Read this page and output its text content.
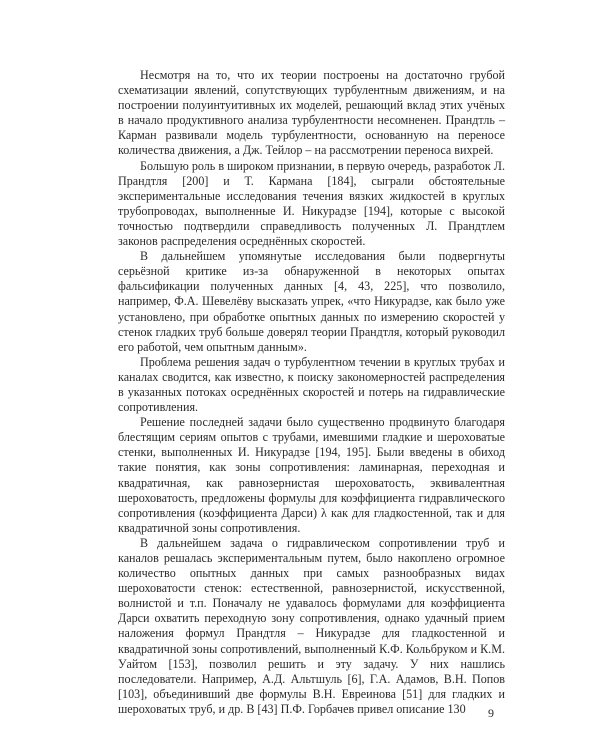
Несмотря на то, что их теории построены на достаточно грубой схематизации явлений, сопутствующих турбулентным движениям, и на построении полуинтуитивных их моделей, решающий вклад этих учёных в начало продуктивного анализа турбулентности несомненен. Прандтль – Карман развивали модель турбулентности, основанную на переносе количества движения, а Дж. Тейлор – на рассмотрении переноса вихрей.

Большую роль в широком признании, в первую очередь, разработок Л. Прандтля [200] и Т. Кармана [184], сыграли обстоятельные экспериментальные исследования течения вязких жидкостей в круглых трубопроводах, выполненные И. Никурадзе [194], которые с высокой точностью подтвердили справедливость полученных Л. Прандтлем законов распределения осреднённых скоростей.

В дальнейшем упомянутые исследования были подвергнуты серьёзной критике из-за обнаруженной в некоторых опытах фальсификации полученных данных [4, 43, 225], что позволило, например, Ф.А. Шевелёву высказать упрек, «что Никурадзе, как было уже установлено, при обработке опытных данных по измерению скоростей у стенок гладких труб больше доверял теории Прандтля, который руководил его работой, чем опытным данным».

Проблема решения задач о турбулентном течении в круглых трубах и каналах сводится, как известно, к поиску закономерностей распределения в указанных потоках осреднённых скоростей и потерь на гидравлические сопротивления.

Решение последней задачи было существенно продвинуто благодаря блестящим сериям опытов с трубами, имевшими гладкие и шероховатые стенки, выполненных И. Никурадзе [194, 195]. Были введены в обиход такие понятия, как зоны сопротивления: ламинарная, переходная и квадратичная, как равнозернистая шероховатость, эквивалентная шероховатость, предложены формулы для коэффициента гидравлического сопротивления (коэффициента Дарси) λ как для гладкостенной, так и для квадратичной зоны сопротивления.

В дальнейшем задача о гидравлическом сопротивлении труб и каналов решалась экспериментальным путем, было накоплено огромное количество опытных данных при самых разнообразных видах шероховатости стенок: естественной, равнозернистой, искусственной, волнистой и т.п. Поначалу не удавалось формулами для коэффициента Дарси охватить переходную зону сопротивления, однако удачный прием наложения формул Прандтля – Никурадзе для гладкостенной и квадратичной зоны сопротивлений, выполненный К.Ф. Кольбруком и К.М. Уайтом [153], позволил решить и эту задачу. У них нашлись последователи. Например, А.Д. Альтшуль [6], Г.А. Адамов, В.Н. Попов [103], объединивший две формулы В.Н. Евреинова [51] для гладких и шероховатых труб, и др. В [43] П.Ф. Горбачев привел описание 130	9
